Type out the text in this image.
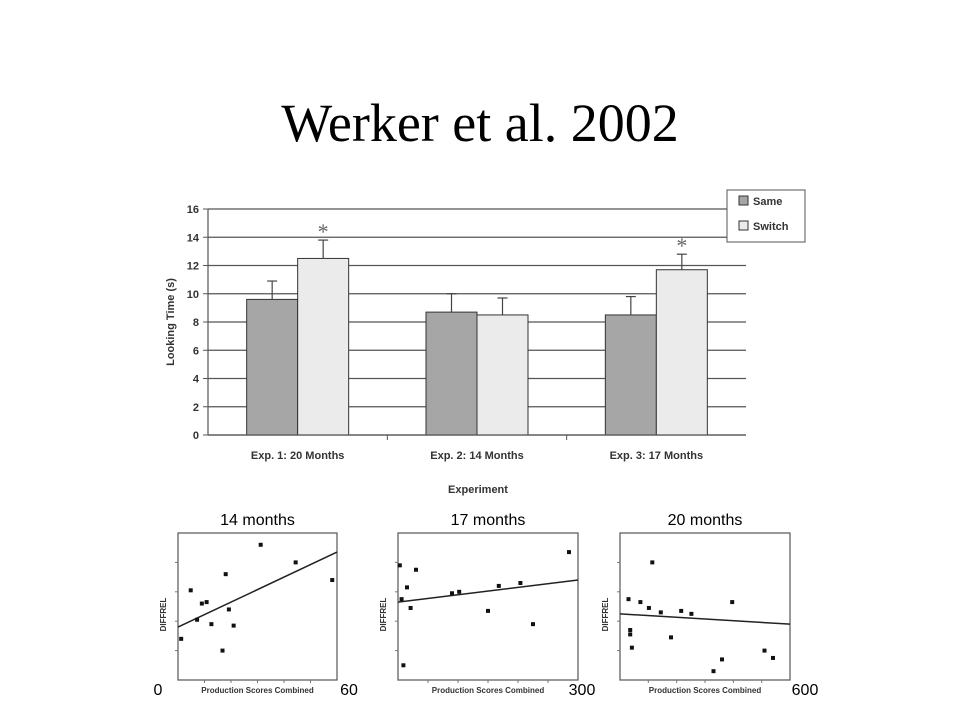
Werker et al. 2002
0
2
4
6
8
10
12
14
16
Exp. 1: 20 Months	Exp. 2: 14 Months	Exp. 3: 17 Months
*
*
Experiment
Looking Time (s)
Same
Switch
14 months
Production Scores Combined
DIFFREL
0	60
17 months
Production Scores Combined
DIFFREL
300
20 months
Production Scores Combined
DIFFREL
600
